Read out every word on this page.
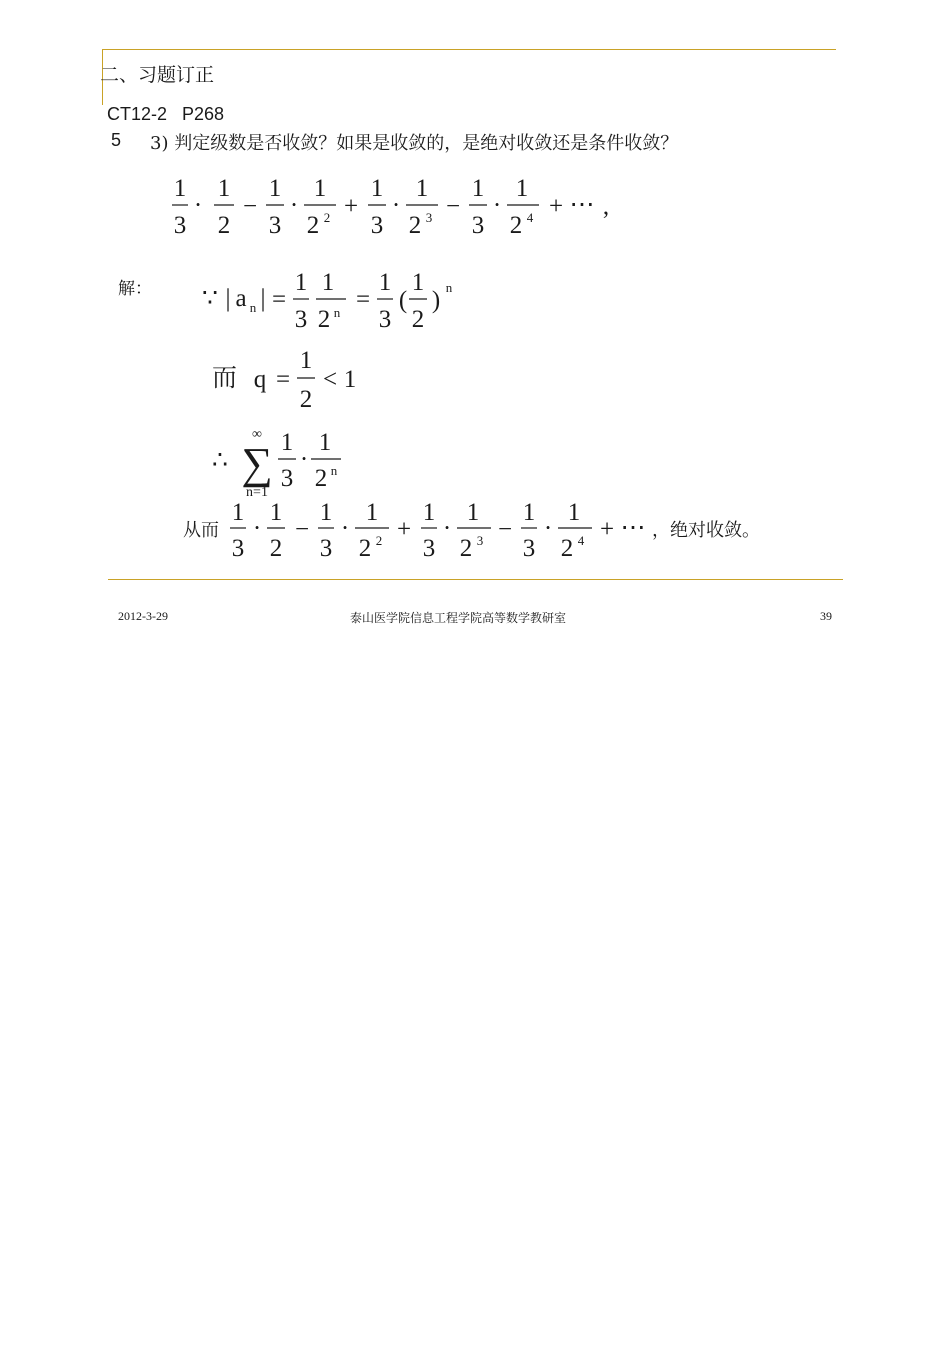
二、习题订正
CT12-2   P268
5 3) 判定级数是否收敛？如果是收敛的，是绝对收敛还是条件收敛？
1
3
·
1
2
−
1
3
·
1
2 2 +
1
3
·
1
2 3 −
1
3
·
1
2 4 + ⋯ ,
解： ∵ | a n | =
1
3
1
2 n =
1
3
(
1
2
) n
而 q =
1
2
< 1
∴
∞
∑
n=1
1
3
·
1
2 n
从而
1
3
·
1
2
−
1
3
·
1
2 2 +
1
3
·
1
2 3 −
1
3
·
1
2 4 + ⋯ ，绝对收敛。
2012-3-29	泰山医学院信息工程学院高等数学教研室	39
